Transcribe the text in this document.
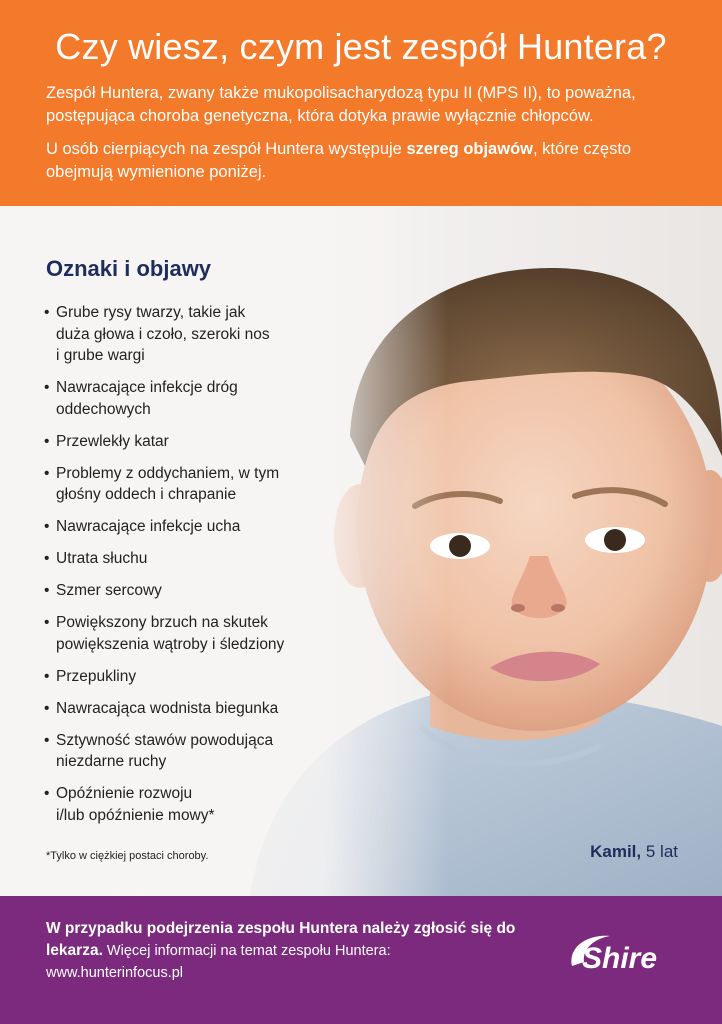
Czy wiesz, czym jest zespół Huntera?

Zespół Huntera, zwany także mukopolisacharydozą typu II (MPS II), to poważna, postępująca choroba genetyczna, która dotyka prawie wyłącznie chłopców.

U osób cierpiących na zespół Huntera występuje szereg objawów, które często obejmują wymienione poniżej.

Oznaki i objawy
• Grube rysy twarzy, takie jak
duża głowa i czoło, szeroki nos
i grube wargi
• Nawracające infekcje dróg
oddechowych
• Przewlekły katar
• Problemy z oddychaniem, w tym
głośny oddech i chrapanie
• Nawracające infekcje ucha
• Utrata słuchu
• Szmer sercowy
• Powiększony brzuch na skutek
powiększenia wątroby i śledziony
• Przepukliny
• Nawracająca wodnista biegunka
• Sztywność stawów powodująca
niezdarne ruchy
• Opóźnienie rozwoju
i/lub opóźnienie mowy*

*Tylko w ciężkiej postaci choroby.	Kamil, 5 lat

W przypadku podejrzenia zespołu Huntera należy zgłosić się do lekarza. Więcej informacji na temat zespołu Huntera:
www.hunterinfocus.pl	Shire
